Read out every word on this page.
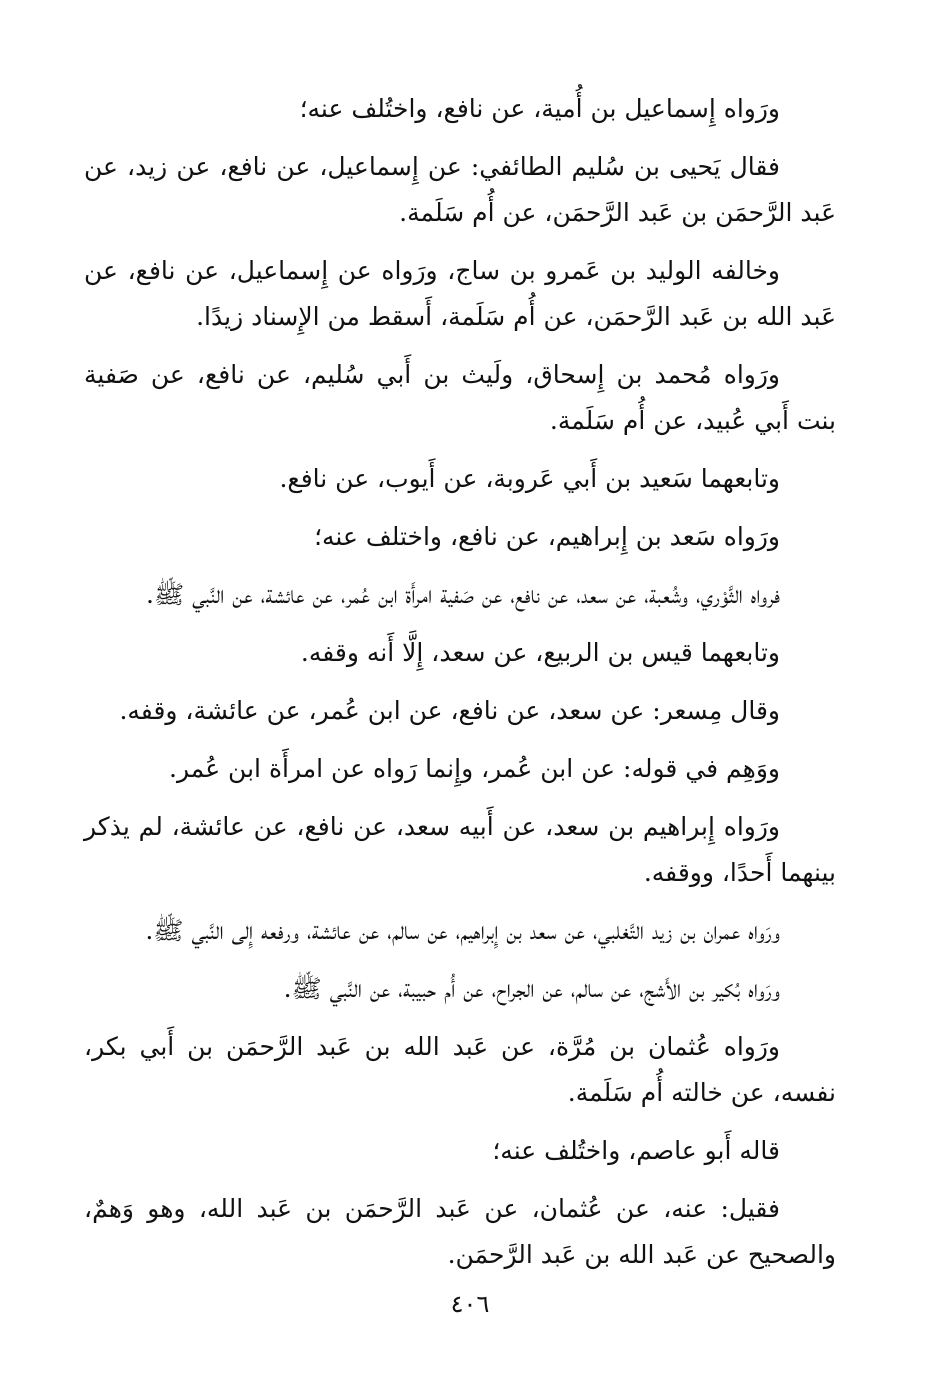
ورَواه إِسماعيل بن أُمية، عن نافع، واختُلف عنه؛

فقال يَحيى بن سُليم الطائفي: عن إِسماعيل، عن نافع، عن زيد، عن عَبد الرَّحمَن بن عَبد الرَّحمَن، عن أُم سَلَمة.

وخالفه الوليد بن عَمرو بن ساج، ورَواه عن إِسماعيل، عن نافع، عن عَبد الله بن عَبد الرَّحمَن، عن أُم سَلَمة، أَسقط من الإِسناد زيدًا.

ورَواه مُحمد بن إِسحاق، ولَيث بن أَبي سُليم، عن نافع، عن صَفية بنت أَبي عُبيد، عن أُم سَلَمة.

وتابعهما سَعيد بن أَبي عَروبة، عن أَيوب، عن نافع.

ورَواه سَعد بن إِبراهيم، عن نافع، واختلف عنه؛

فرواه الثَّوْري، وشُعبة، عن سعد، عن نافع، عن صَفية امرأَة ابن عُمر، عن عائشة، عن النَّبي ﷺ.

وتابعهما قيس بن الربيع، عن سعد، إِلَّا أَنه وقفه.

وقال مِسعر: عن سعد، عن نافع، عن ابن عُمر، عن عائشة، وقفه.

ووَهِم في قوله: عن ابن عُمر، وإِنما رَواه عن امرأَة ابن عُمر.

ورَواه إِبراهيم بن سعد، عن أَبيه سعد، عن نافع، عن عائشة، لم يذكر بينهما أَحدًا، ووقفه.

ورَواه عمران بن زيد التَّغلبي، عن سعد بن إِبراهيم، عن سالم، عن عائشة، ورفعه إِلى النَّبي ﷺ.

ورَواه بُكير بن الأَشج، عن سالم، عن الجراح، عن أُم حبيبة، عن النَّبي ﷺ.

ورَواه عُثمان بن مُرَّة، عن عَبد الله بن عَبد الرَّحمَن بن أَبي بكر، نفسه، عن خالته أُم سَلَمة.

قاله أَبو عاصم، واختُلف عنه؛

فقيل: عنه، عن عُثمان، عن عَبد الرَّحمَن بن عَبد الله، وهو وَهمٌ، والصحيح عن عَبد الله بن عَبد الرَّحمَن.

٤٠٦
